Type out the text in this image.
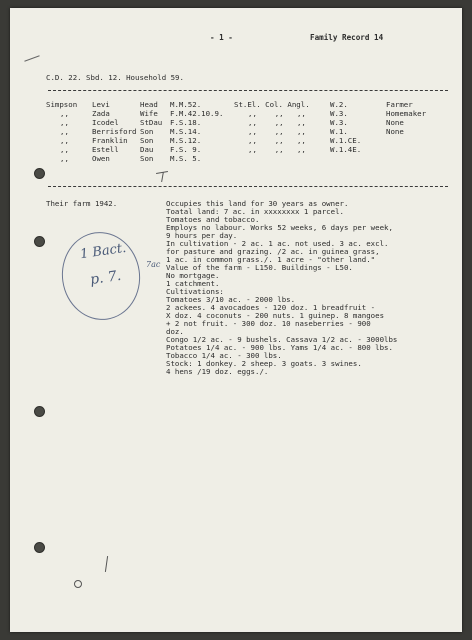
- 1 -	Family Record 14
C.D. 22. Sbd. 12. Household 59.
Simpson Levi	Head M.M.52.	St.El. Col. Angl.	W.2.	Farmer
,,	Zada	Wife F.M.42.10.9.	,,    ,,   ,,	W.3.	Homemaker
,,	Icodel	StDau F.S.18.	,,    ,,   ,,	W.3.	None
,,	Berrisford Son M.S.14.	,,    ,,   ,,	W.1.	None
,,	Franklin Son M.S.12.	,,    ,,   ,,	W.1.CE.
,,	Estell	Dau F.S. 9.	,,    ,,   ,,	W.1.4E.
,,	Owen	Son M.S. 5.
Their farm 1942.	Occupies this land for 30 years as owner.
Toatal land: 7 ac. in xxxxxxxx 1 parcel.
Tomatoes and tobacco.
Employs no labour. Works 52 weeks, 6 days per week,
9 hours per day.
In cultivation - 2 ac. 1 ac. not used. 3 ac. excl.
for pasture and grazing. /2 ac. in guinea grass,
1 ac. in common grass./. 1 acre - "other land."
Value of the farm - L150. Buildings - L50.
No mortgage.
1 catchment.
Cultivations:
Tomatoes 3/10 ac. - 2000 lbs.
2 ackees. 4 avocadoes - 120 doz. 1 breadfruit -
X doz. 4 coconuts - 200 nuts. 1 guinep. 8 mangoes
+ 2 not fruit. - 300 doz. 10 naseberries - 900
doz.
Congo 1/2 ac. - 9 bushels. Cassava 1/2 ac. - 3000lbs
Potatoes 1/4 ac. - 900 lbs. Yams 1/4 ac. - 800 lbs.
Tobacco 1/4 ac. - 300 lbs.
Stock: 1 donkey. 2 sheep. 3 goats. 3 swines.
4 hens /19 doz. eggs./.
1 Bact.
p. 7.
7ac
